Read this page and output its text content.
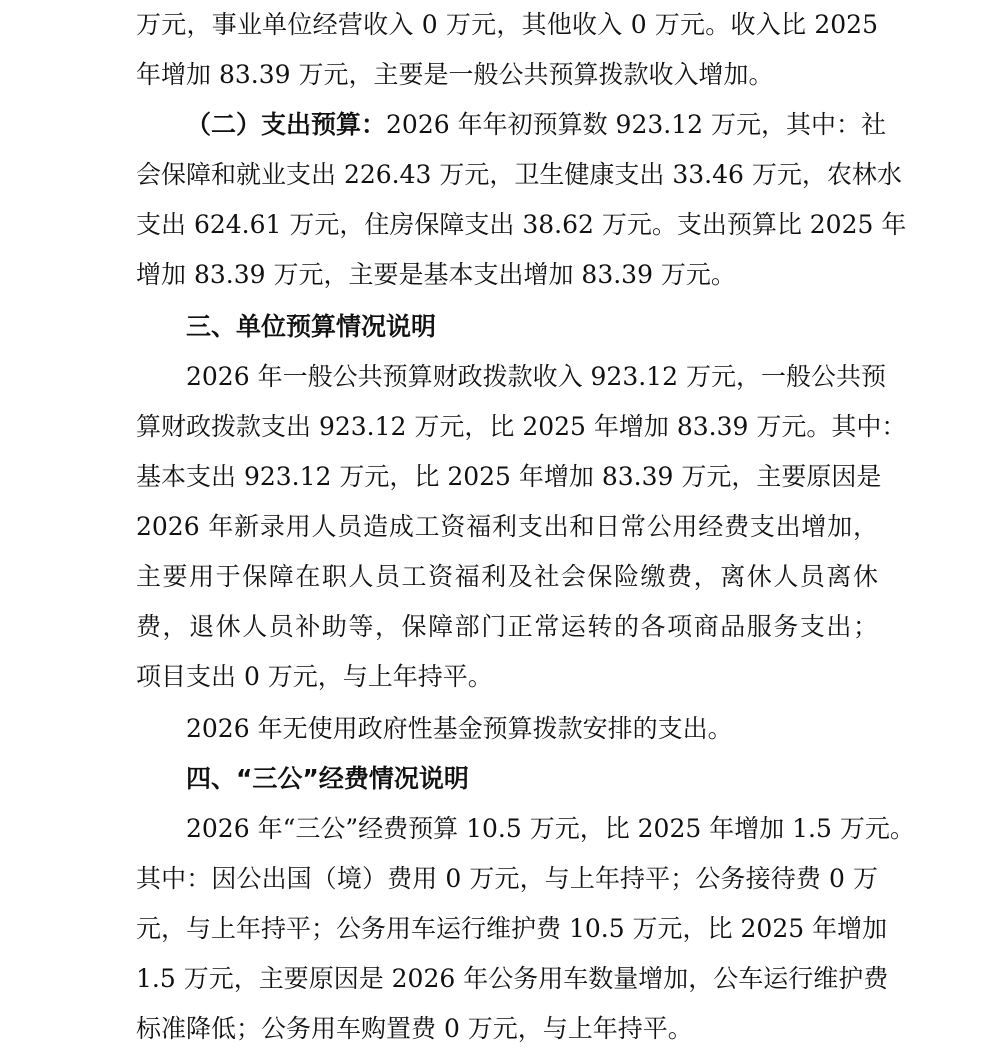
万元，事业单位经营收入 0 万元，其他收入 0 万元。收入比 2025
年增加 83.39 万元，主要是一般公共预算拨款收入增加。
（二）支出预算：2026 年年初预算数 923.12 万元，其中：社
会保障和就业支出 226.43 万元，卫生健康支出 33.46 万元，农林水
支出 624.61 万元，住房保障支出 38.62 万元。支出预算比 2025 年
增加 83.39 万元，主要是基本支出增加 83.39 万元。
三、单位预算情况说明
2026 年一般公共预算财政拨款收入 923.12 万元，一般公共预
算财政拨款支出 923.12 万元，比 2025 年增加 83.39 万元。其中：
基本支出 923.12 万元，比 2025 年增加 83.39 万元，主要原因是
2026 年新录用人员造成工资福利支出和日常公用经费支出增加，
主要用于保障在职人员工资福利及社会保险缴费，离休人员离休
费，退休人员补助等，保障部门正常运转的各项商品服务支出；
项目支出 0 万元，与上年持平。
2026 年无使用政府性基金预算拨款安排的支出。
四、“三公”经费情况说明
2026 年“三公”经费预算 10.5 万元，比 2025 年增加 1.5 万元。
其中：因公出国（境）费用 0 万元，与上年持平；公务接待费 0 万
元，与上年持平；公务用车运行维护费 10.5 万元，比 2025 年增加
1.5 万元，主要原因是 2026 年公务用车数量增加，公车运行维护费
标准降低；公务用车购置费 0 万元，与上年持平。
